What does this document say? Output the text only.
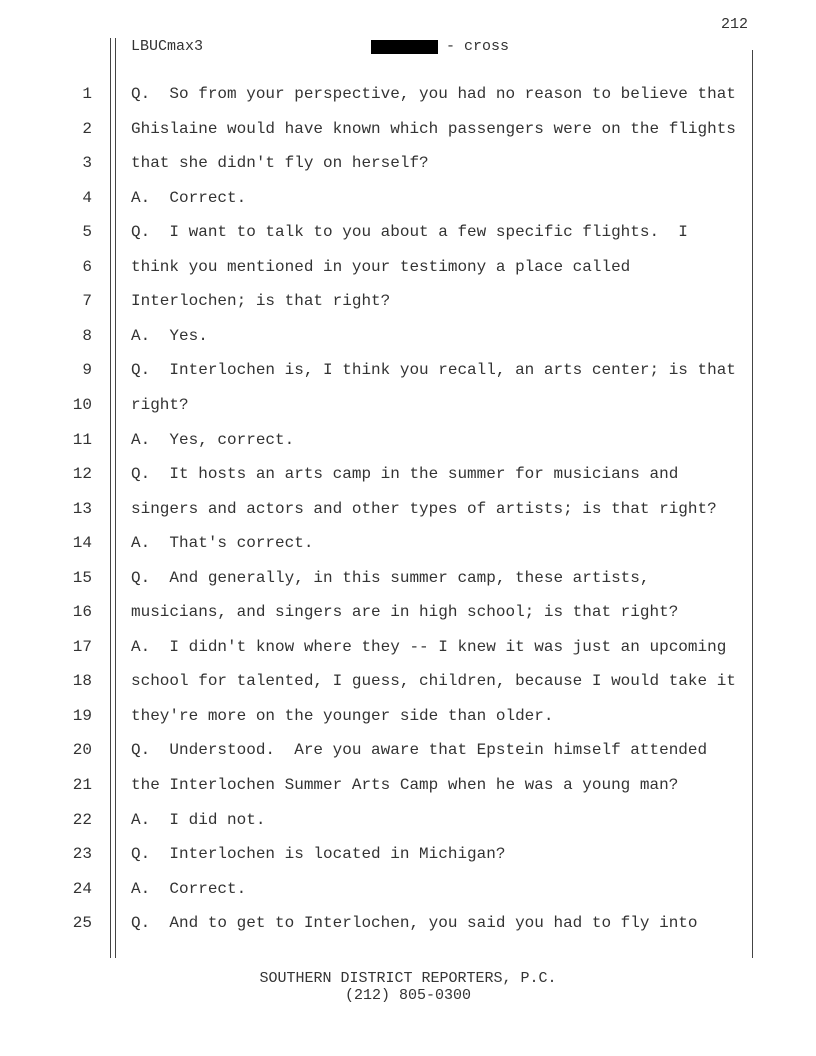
212
LBUCmax3	- cross
1 Q.  So from your perspective, you had no reason to believe that
2 Ghislaine would have known which passengers were on the flights
3 that she didn't fly on herself?
4 A.  Correct.
5 Q.  I want to talk to you about a few specific flights.  I
6 think you mentioned in your testimony a place called
7 Interlochen; is that right?
8 A.  Yes.
9 Q.  Interlochen is, I think you recall, an arts center; is that
10 right?
11 A.  Yes, correct.
12 Q.  It hosts an arts camp in the summer for musicians and
13 singers and actors and other types of artists; is that right?
14 A.  That's correct.
15 Q.  And generally, in this summer camp, these artists,
16 musicians, and singers are in high school; is that right?
17 A.  I didn't know where they -- I knew it was just an upcoming
18 school for talented, I guess, children, because I would take it
19 they're more on the younger side than older.
20 Q.  Understood.  Are you aware that Epstein himself attended
21 the Interlochen Summer Arts Camp when he was a young man?
22 A.  I did not.
23 Q.  Interlochen is located in Michigan?
24 A.  Correct.
25 Q.  And to get to Interlochen, you said you had to fly into
SOUTHERN DISTRICT REPORTERS, P.C.
(212) 805-0300
